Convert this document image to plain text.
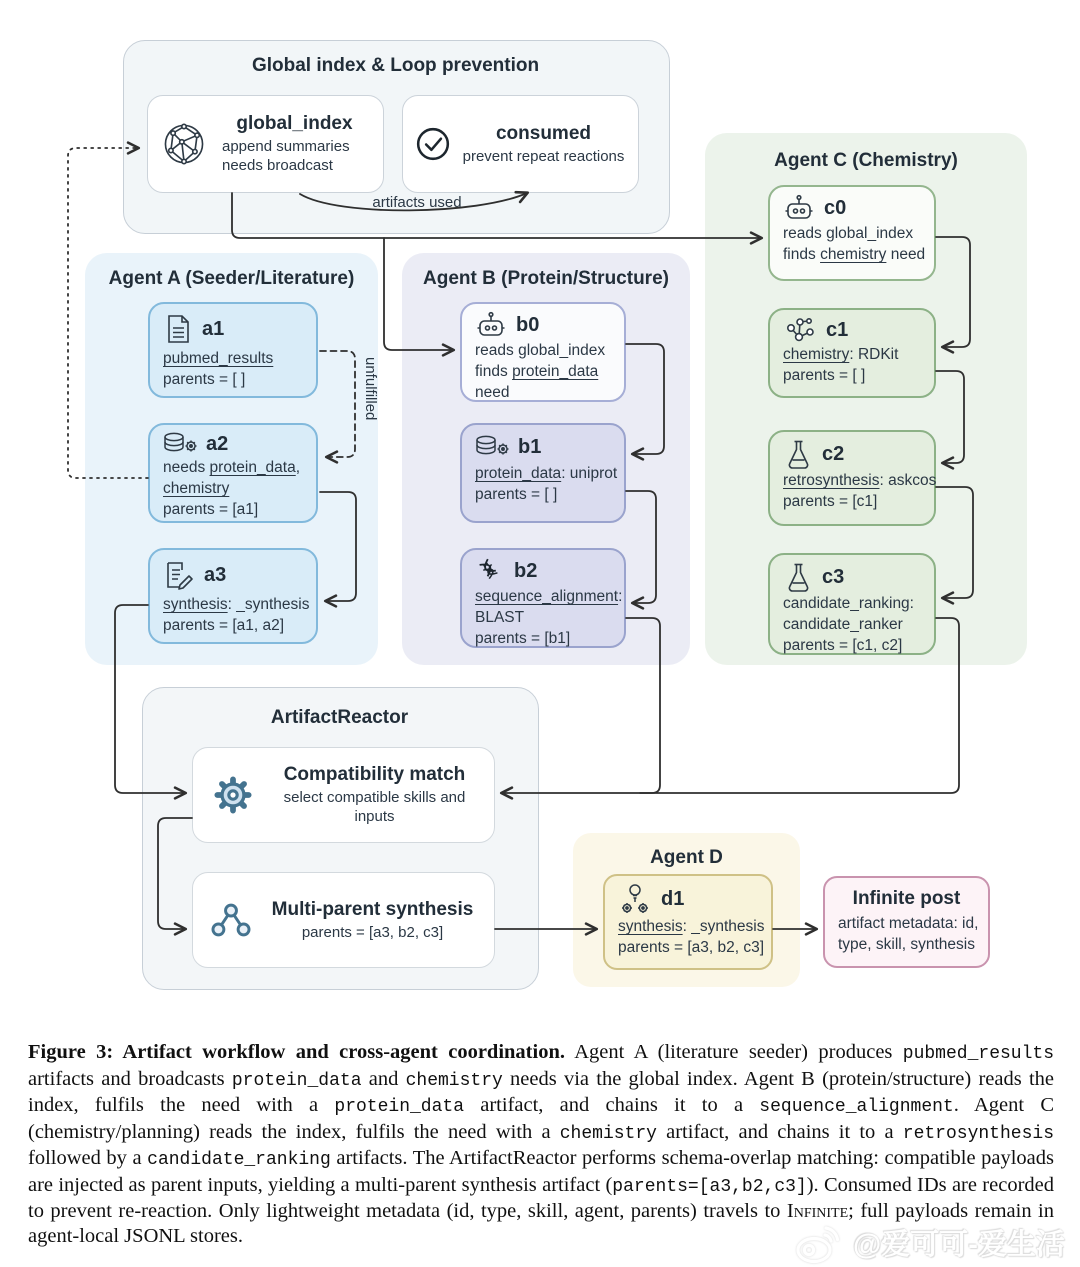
Global index & Loop prevention
Agent A (Seeder/Literature)	Agent B (Protein/Structure)
Agent C (Chemistry)
ArtifactReactor
Agent D
global_index
append summaries
needs broadcast
consumed
prevent repeat reactions
a1
pubmed_results
parents = [ ]
a2
needs protein_data,
chemistry
parents = [a1]
a3
synthesis: _synthesis
parents = [a1, a2]
b0
reads global_index
finds protein_data
need
b1
protein_data: uniprot
parents = [ ]
b2
sequence_alignment:
BLAST
parents = [b1]
c0
reads global_index
finds chemistry need
c1
chemistry: RDKit
parents = [ ]
c2
retrosynthesis: askcos
parents = [c1]
c3
candidate_ranking:
candidate_ranker
parents = [c1, c2]
Compatibility match
select compatible skills and inputs
Multi-parent synthesis
parents = [a3, b2, c3]
d1
synthesis: _synthesis
parents = [a3, b2, c3]
Infinite post
artifact metadata: id,
type, skill, synthesis
artifacts used
unfulfilled

Figure 3: Artifact workflow and cross-agent coordination. Agent A (literature seeder) produces pubmed_results artifacts and broadcasts protein_data and chemistry needs via the global index. Agent B (protein/structure) reads the index, fulfils the need with a protein_data artifact, and chains it to a sequence_alignment. Agent C (chemistry/planning) reads the index, fulfils the need with a chemistry artifact, and chains it to a retrosynthesis followed by a candidate_ranking artifacts. The ArtifactReactor performs schema-overlap matching: compatible payloads are injected as parent inputs, yielding a multi-parent synthesis artifact (parents=[a3,b2,c3]). Consumed IDs are recorded to prevent re-reaction. Only lightweight metadata (id, type, skill, agent, parents) travels to Infinite; full payloads remain in agent-local JSONL stores.	@爱可可-爱生活
